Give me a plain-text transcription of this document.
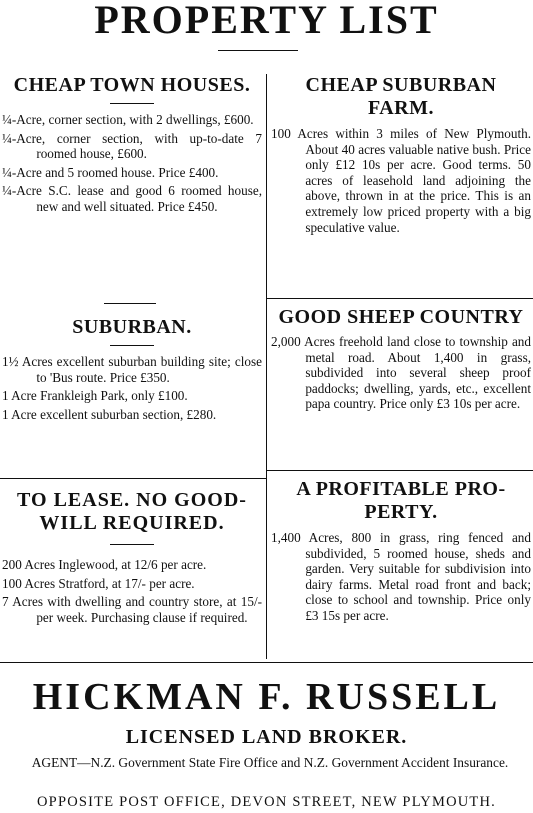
PROPERTY LIST
CHEAP TOWN HOUSES.
¼-Acre, corner section, with 2 dwellings, £600.
¼-Acre, corner section, with up-to-date 7 roomed house, £600.
¼-Acre and 5 roomed house. Price £400.
¼-Acre S.C. lease and good 6 roomed house, new and well situated. Price £450.
SUBURBAN.
1½ Acres excellent suburban building site; close to 'Bus route. Price £350.
1 Acre Frankleigh Park, only £100.
1 Acre excellent suburban section, £280.
TO LEASE. NO GOOD-WILL REQUIRED.
200 Acres Inglewood, at 12/6 per acre.
100 Acres Stratford, at 17/- per acre.
7 Acres with dwelling and country store, at 15/- per week. Purchasing clause if required.
CHEAP SUBURBAN FARM.
100 Acres within 3 miles of New Plymouth. About 40 acres valuable native bush. Price only £12 10s per acre. Good terms. 50 acres of leasehold land adjoining the above, thrown in at the price. This is an extremely low priced property with a big speculative value.
GOOD SHEEP COUNTRY
2,000 Acres freehold land close to township and metal road. About 1,400 in grass, subdivided into several sheep proof paddocks; dwelling, yards, etc., excellent papa country. Price only £3 10s per acre.
A PROFITABLE PRO-PERTY.
1,400 Acres, 800 in grass, ring fenced and subdivided, 5 roomed house, sheds and garden. Very suitable for subdivision into dairy farms. Metal road front and back; close to school and township. Price only £3 15s per acre.
HICKMAN F. RUSSELL
LICENSED LAND BROKER.
AGENT—N.Z. Government State Fire Office and N.Z. Government Accident Insurance.
OPPOSITE POST OFFICE, DEVON STREET, NEW PLYMOUTH.
